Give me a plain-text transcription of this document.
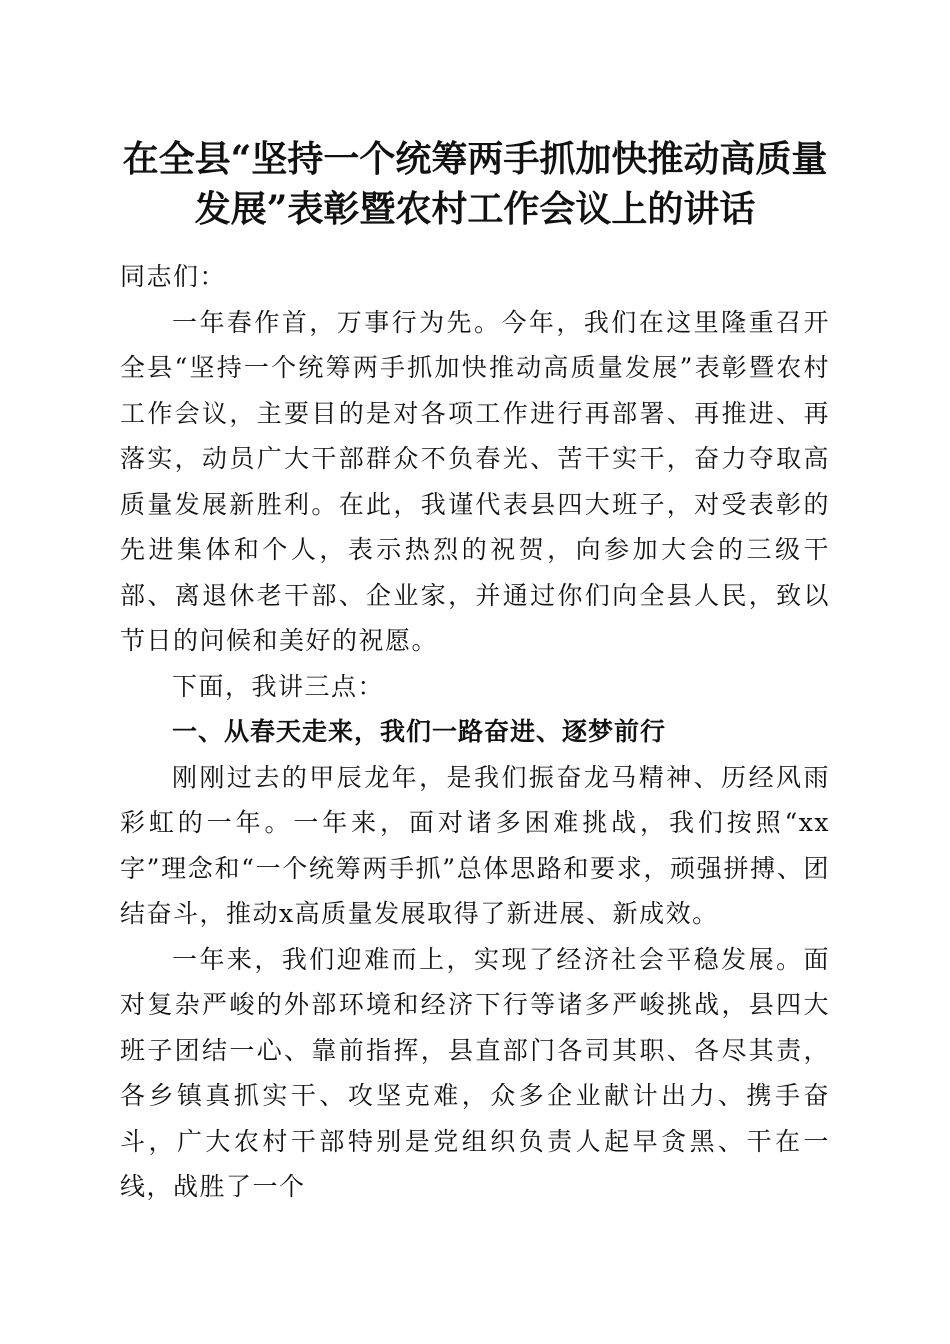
在全县“坚持一个统筹两手抓加快推动高质量
发展”表彰暨农村工作会议上的讲话

同志们：

一年春作首，万事行为先。今年，我们在这里隆重召开全县“坚持一个统筹两手抓加快推动高质量发展”表彰暨农村工作会议，主要目的是对各项工作进行再部署、再推进、再落实，动员广大干部群众不负春光、苦干实干，奋力夺取高质量发展新胜利。在此，我谨代表县四大班子，对受表彰的先进集体和个人，表示热烈的祝贺，向参加大会的三级干部、离退休老干部、企业家，并通过你们向全县人民，致以节日的问候和美好的祝愿。

下面，我讲三点：

一、从春天走来，我们一路奋进、逐梦前行

刚刚过去的甲辰龙年，是我们振奋龙马精神、历经风雨彩虹的一年。一年来，面对诸多困难挑战，我们按照“xx字”理念和“一个统筹两手抓”总体思路和要求，顽强拼搏、团结奋斗，推动x高质量发展取得了新进展、新成效。

一年来，我们迎难而上，实现了经济社会平稳发展。面对复杂严峻的外部环境和经济下行等诸多严峻挑战，县四大班子团结一心、靠前指挥，县直部门各司其职、各尽其责，各乡镇真抓实干、攻坚克难，众多企业献计出力、携手奋斗，广大农村干部特别是党组织负责人起早贪黑、干在一线，战胜了一个
